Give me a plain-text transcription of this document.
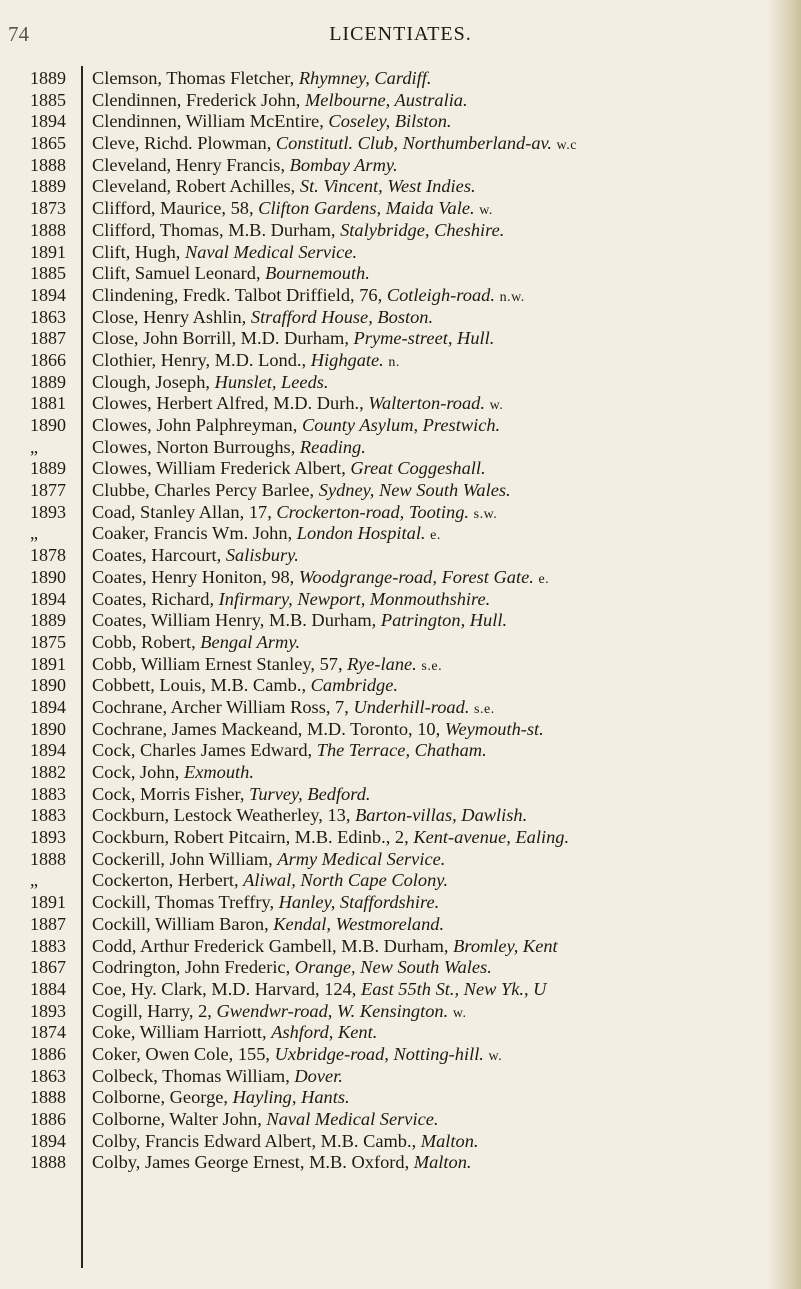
74	LICENTIATES.
1889	Clemson, Thomas Fletcher, Rhymney, Cardiff.
1885	Clendinnen, Frederick John, Melbourne, Australia.
1894	Clendinnen, William McEntire, Coseley, Bilston.
1865	Cleve, Richd. Plowman, Constitutl. Club, Northumberland-av. w.c
1888	Cleveland, Henry Francis, Bombay Army.
1889	Cleveland, Robert Achilles, St. Vincent, West Indies.
1873	Clifford, Maurice, 58, Clifton Gardens, Maida Vale. w.
1888	Clifford, Thomas, M.B. Durham, Stalybridge, Cheshire.
1891	Clift, Hugh, Naval Medical Service.
1885	Clift, Samuel Leonard, Bournemouth.
1894	Clindening, Fredk. Talbot Driffield, 76, Cotleigh-road. n.w.
1863	Close, Henry Ashlin, Strafford House, Boston.
1887	Close, John Borrill, M.D. Durham, Pryme-street, Hull.
1866	Clothier, Henry, M.D. Lond., Highgate. n.
1889	Clough, Joseph, Hunslet, Leeds.
1881	Clowes, Herbert Alfred, M.D. Durh., Walterton-road. w.
1890	Clowes, John Palphreyman, County Asylum, Prestwich.
„	Clowes, Norton Burroughs, Reading.
1889	Clowes, William Frederick Albert, Great Coggeshall.
1877	Clubbe, Charles Percy Barlee, Sydney, New South Wales.
1893	Coad, Stanley Allan, 17, Crockerton-road, Tooting. s.w.
„	Coaker, Francis Wm. John, London Hospital. e.
1878	Coates, Harcourt, Salisbury.
1890	Coates, Henry Honiton, 98, Woodgrange-road, Forest Gate. e.
1894	Coates, Richard, Infirmary, Newport, Monmouthshire.
1889	Coates, William Henry, M.B. Durham, Patrington, Hull.
1875	Cobb, Robert, Bengal Army.
1891	Cobb, William Ernest Stanley, 57, Rye-lane. s.e.
1890	Cobbett, Louis, M.B. Camb., Cambridge.
1894	Cochrane, Archer William Ross, 7, Underhill-road. s.e.
1890	Cochrane, James Mackeand, M.D. Toronto, 10, Weymouth-st.
1894	Cock, Charles James Edward, The Terrace, Chatham.
1882	Cock, John, Exmouth.
1883	Cock, Morris Fisher, Turvey, Bedford.
1883	Cockburn, Lestock Weatherley, 13, Barton-villas, Dawlish.
1893	Cockburn, Robert Pitcairn, M.B. Edinb., 2, Kent-avenue, Ealing.
1888	Cockerill, John William, Army Medical Service.
„	Cockerton, Herbert, Aliwal, North Cape Colony.
1891	Cockill, Thomas Treffry, Hanley, Staffordshire.
1887	Cockill, William Baron, Kendal, Westmoreland.
1883	Codd, Arthur Frederick Gambell, M.B. Durham, Bromley, Kent
1867	Codrington, John Frederic, Orange, New South Wales.
1884	Coe, Hy. Clark, M.D. Harvard, 124, East 55th St., New Yk., U
1893	Cogill, Harry, 2, Gwendwr-road, W. Kensington. w.
1874	Coke, William Harriott, Ashford, Kent.
1886	Coker, Owen Cole, 155, Uxbridge-road, Notting-hill. w.
1863	Colbeck, Thomas William, Dover.
1888	Colborne, George, Hayling, Hants.
1886	Colborne, Walter John, Naval Medical Service.
1894	Colby, Francis Edward Albert, M.B. Camb., Malton.
1888	Colby, James George Ernest, M.B. Oxford, Malton.
